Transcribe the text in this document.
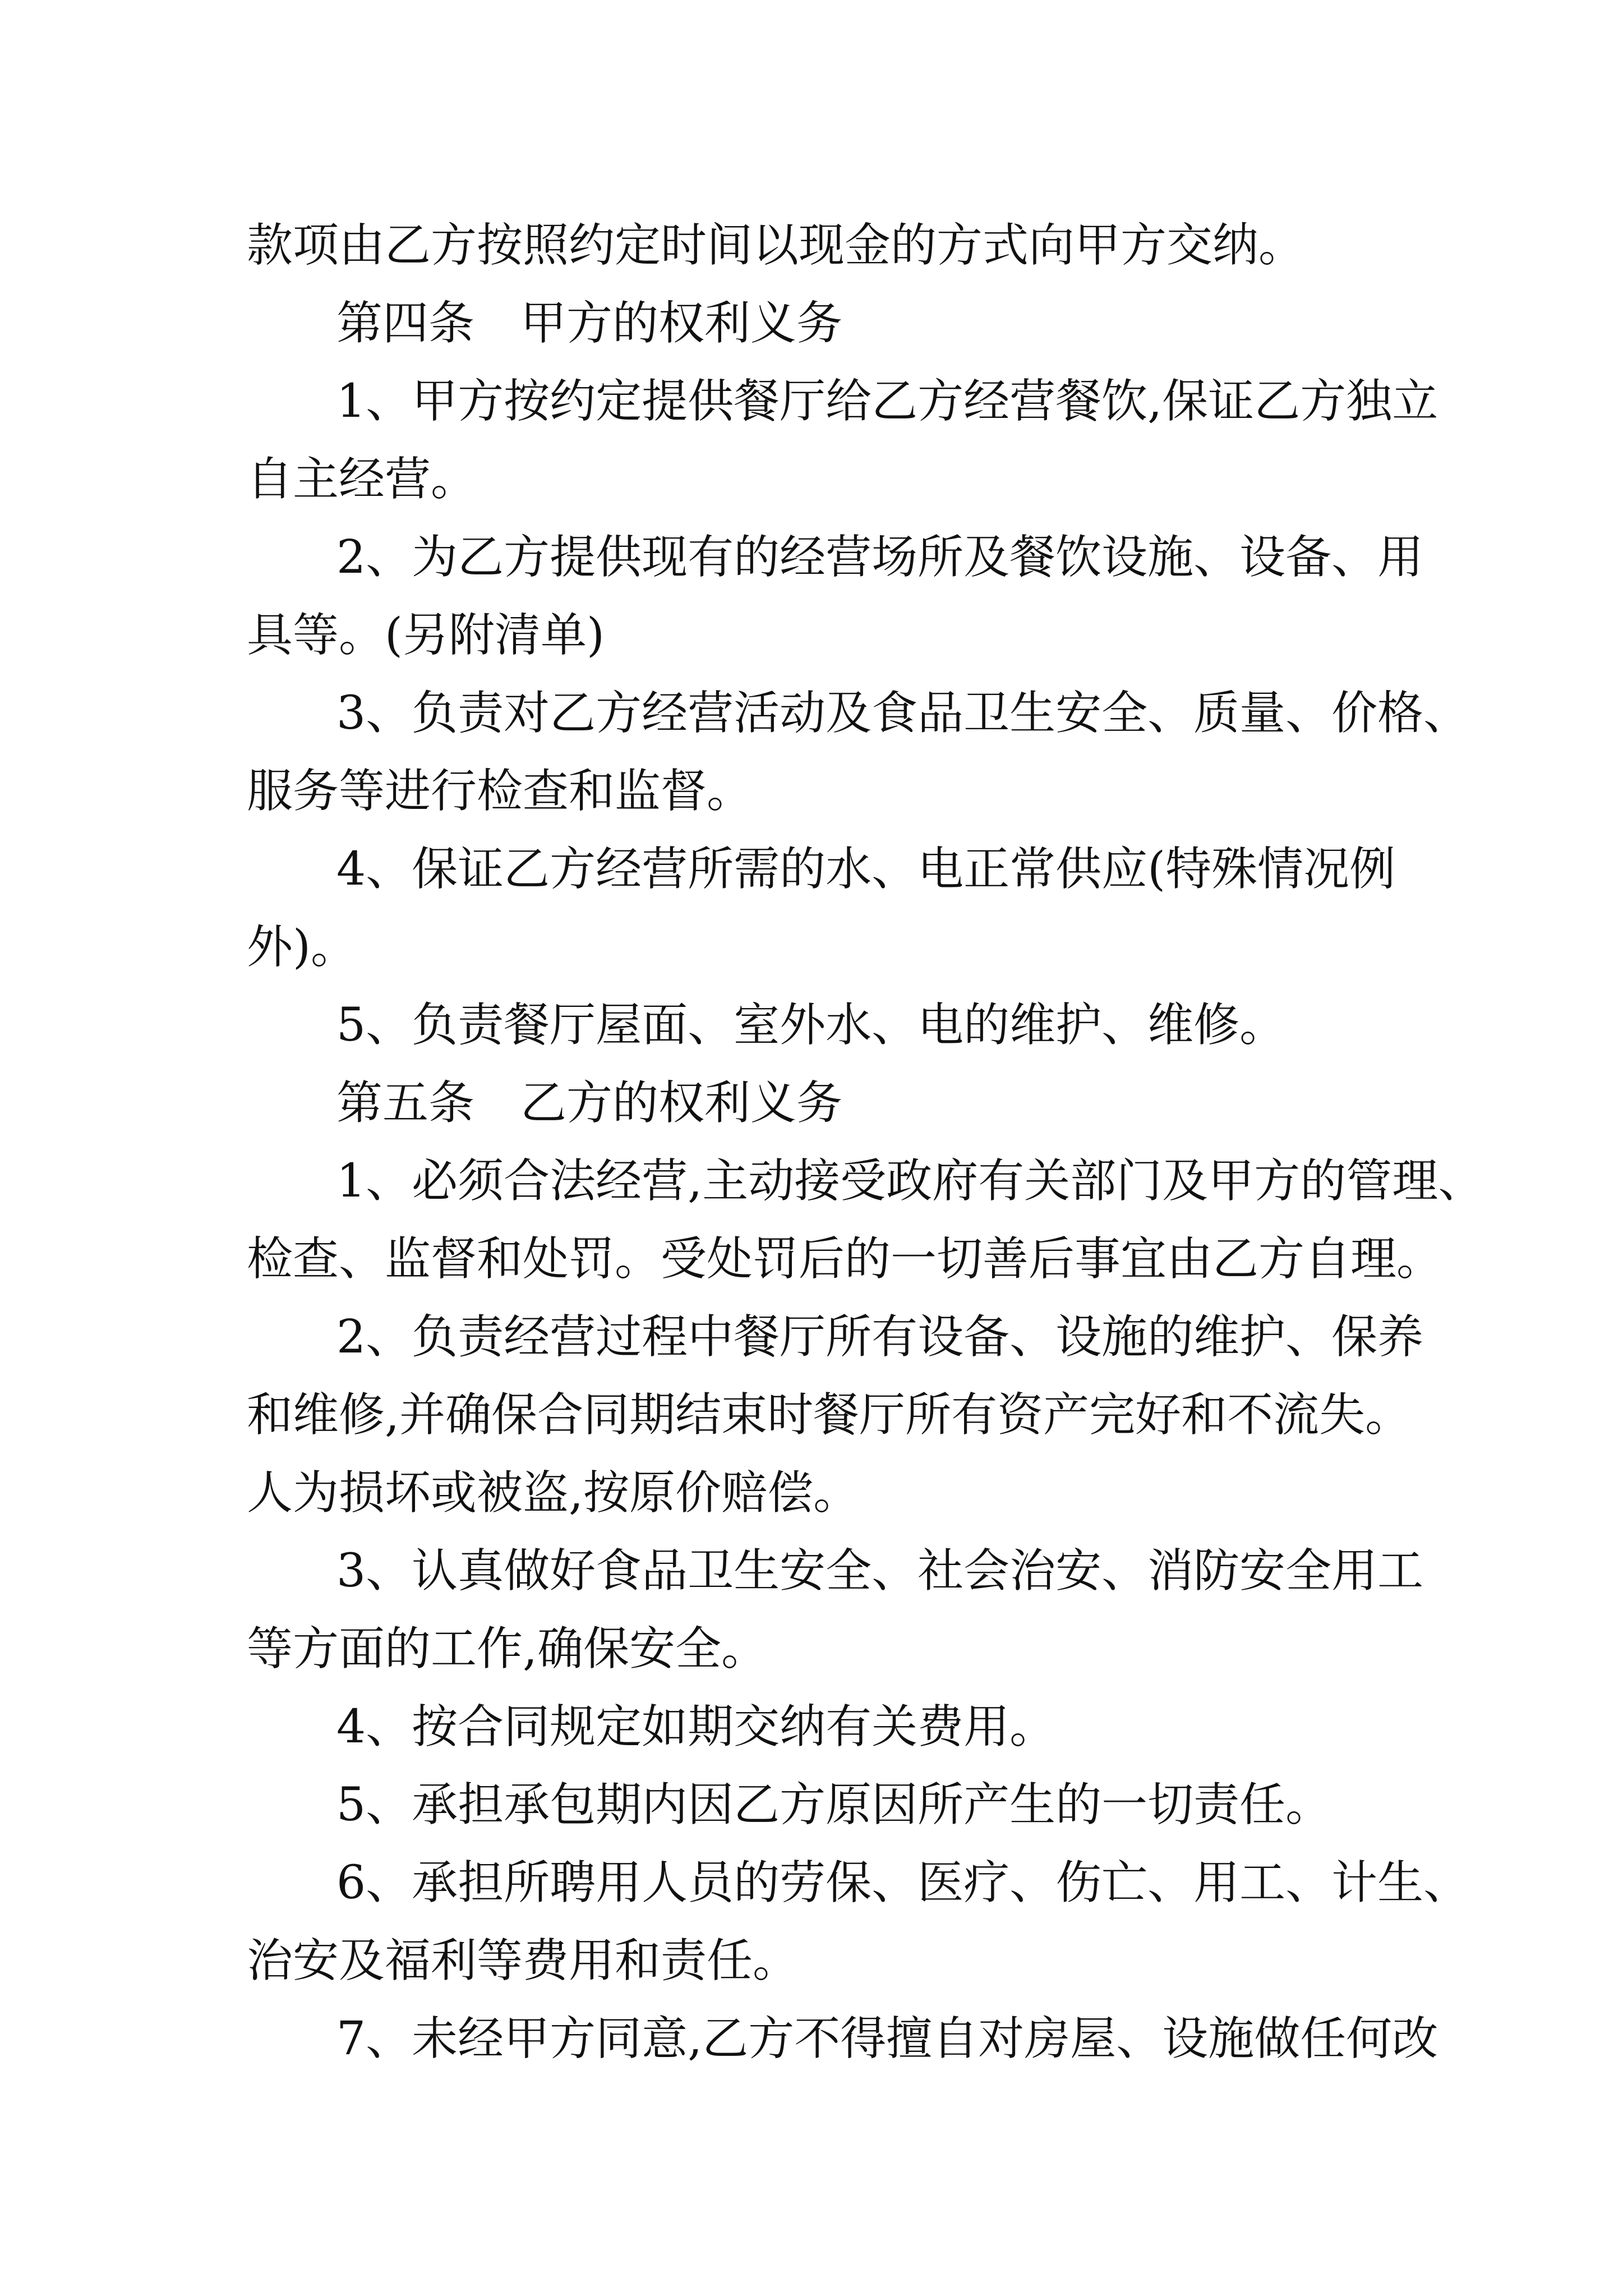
款项由乙方按照约定时间以现金的方式向甲方交纳。
第四条　甲方的权利义务
1、甲方按约定提供餐厅给乙方经营餐饮,保证乙方独立
自主经营。
2、为乙方提供现有的经营场所及餐饮设施、设备、用
具等。(另附清单)
3、负责对乙方经营活动及食品卫生安全、质量、价格、
服务等进行检查和监督。
4、保证乙方经营所需的水、电正常供应(特殊情况例
外)。
5、负责餐厅屋面、室外水、电的维护、维修。
第五条　乙方的权利义务
1、必须合法经营,主动接受政府有关部门及甲方的管理、
检查、监督和处罚。受处罚后的一切善后事宜由乙方自理。
2、负责经营过程中餐厅所有设备、设施的维护、保养
和维修,并确保合同期结束时餐厅所有资产完好和不流失。
人为损坏或被盗,按原价赔偿。
3、认真做好食品卫生安全、社会治安、消防安全用工
等方面的工作,确保安全。
4、按合同规定如期交纳有关费用。
5、承担承包期内因乙方原因所产生的一切责任。
6、承担所聘用人员的劳保、医疗、伤亡、用工、计生、
治安及福利等费用和责任。
7、未经甲方同意,乙方不得擅自对房屋、设施做任何改
